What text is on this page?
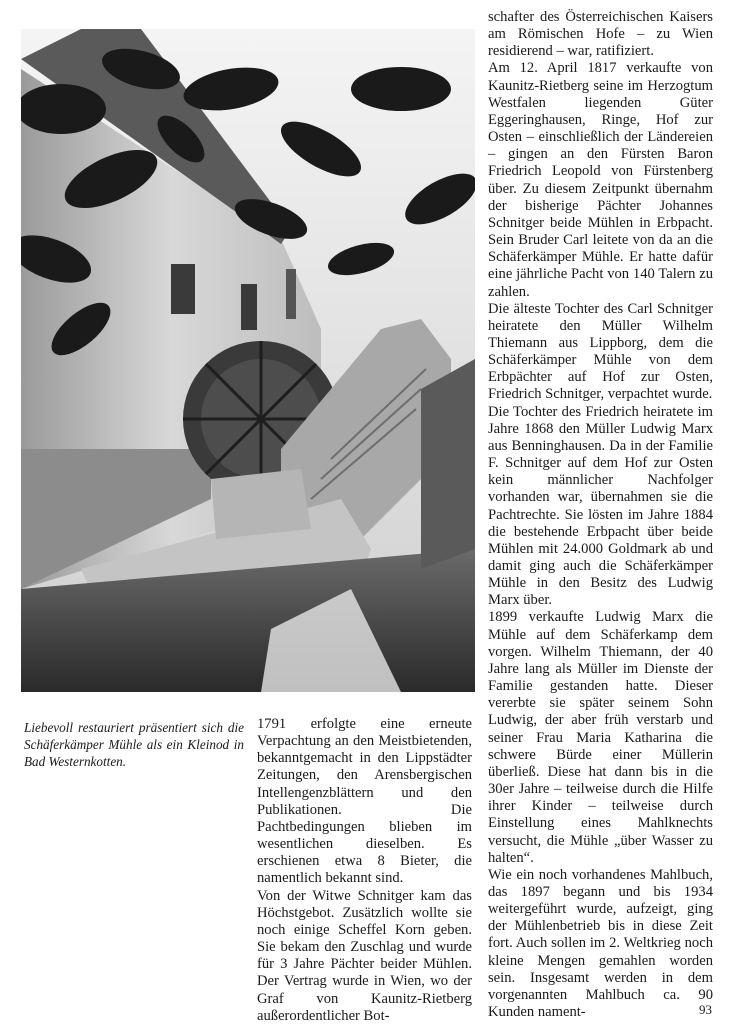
Liebevoll restauriert präsentiert sich die Schäferkämper Mühle als ein Kleinod in Bad Westernkotten.

1791 erfolgte eine erneute Verpachtung an den Meistbietenden, bekanntgemacht in den Lippstädter Zeitungen, den Arensbergischen Intellengenzblättern und den Publikationen. Die Pachtbedingungen blieben im wesentlichen dieselben. Es erschienen etwa 8 Bieter, die namentlich bekannt sind.

Von der Witwe Schnitger kam das Höchstgebot. Zusätzlich wollte sie noch einige Scheffel Korn geben. Sie bekam den Zuschlag und wurde für 3 Jahre Pächter beider Mühlen. Der Vertrag wurde in Wien, wo der Graf von Kaunitz-Rietberg außerordentlicher Bot-

schafter des Österreichischen Kaisers am Römischen Hofe – zu Wien residierend – war, ratifiziert.

Am 12. April 1817 verkaufte von Kaunitz-Rietberg seine im Herzogtum Westfalen liegenden Güter Eggeringhausen, Ringe, Hof zur Osten – einschließlich der Ländereien – gingen an den Fürsten Baron Friedrich Leopold von Fürstenberg über. Zu diesem Zeitpunkt übernahm der bisherige Pächter Johannes Schnitger beide Mühlen in Erbpacht. Sein Bruder Carl leitete von da an die Schäferkämper Mühle. Er hatte dafür eine jährliche Pacht von 140 Talern zu zahlen.

Die älteste Tochter des Carl Schnitger heiratete den Müller Wilhelm Thiemann aus Lippborg, dem die Schäferkämper Mühle von dem Erbpächter auf Hof zur Osten, Friedrich Schnitger, verpachtet wurde.

Die Tochter des Friedrich heiratete im Jahre 1868 den Müller Ludwig Marx aus Benninghausen. Da in der Familie F. Schnitger auf dem Hof zur Osten kein männlicher Nachfolger vorhanden war, übernahmen sie die Pachtrechte. Sie lösten im Jahre 1884 die bestehende Erbpacht über beide Mühlen mit 24.000 Goldmark ab und damit ging auch die Schäferkämper Mühle in den Besitz des Ludwig Marx über.

1899 verkaufte Ludwig Marx die Mühle auf dem Schäferkamp dem vorgen. Wilhelm Thiemann, der 40 Jahre lang als Müller im Dienste der Familie gestanden hatte. Dieser vererbte sie später seinem Sohn Ludwig, der aber früh verstarb und seiner Frau Maria Katharina die schwere Bürde einer Müllerin überließ. Diese hat dann bis in die 30er Jahre – teilweise durch die Hilfe ihrer Kinder – teilweise durch Einstellung eines Mahlknechts versucht, die Mühle „über Wasser zu halten“.

Wie ein noch vorhandenes Mahlbuch, das 1897 begann und bis 1934 weitergeführt wurde, aufzeigt, ging der Mühlenbetrieb bis in diese Zeit fort. Auch sollen im 2. Weltkrieg noch kleine Mengen gemahlen worden sein. Insgesamt werden in dem vorgenannten Mahlbuch ca. 90 Kunden nament-	93
